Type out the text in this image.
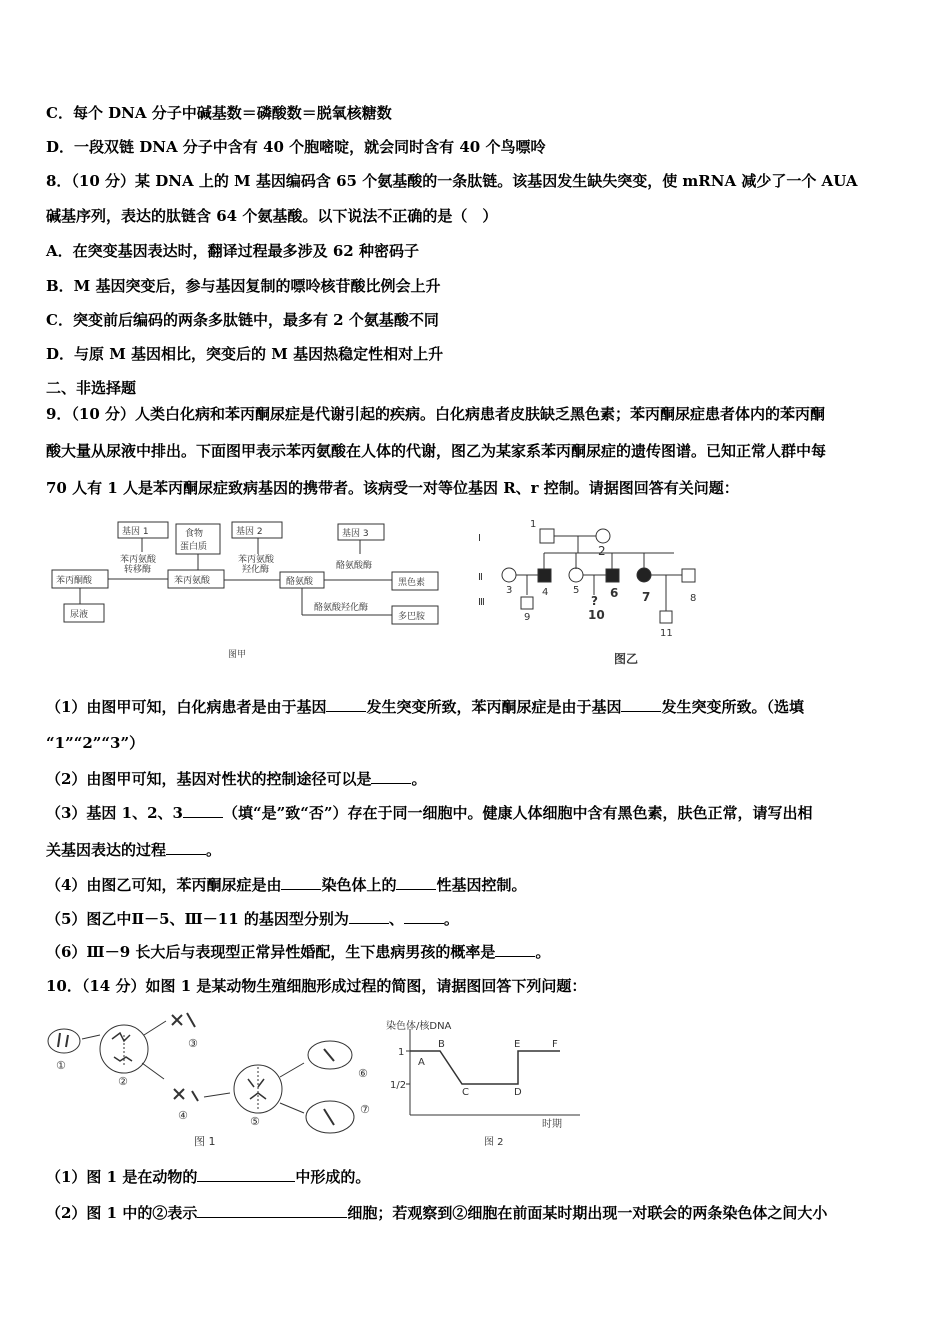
C．每个 DNA 分子中碱基数＝磷酸数＝脱氧核糖数
D．一段双链 DNA 分子中含有 40 个胞嘧啶，就会同时含有 40 个鸟嘌呤
8．（10 分）某 DNA 上的 M 基因编码含 65 个氨基酸的一条肽链。该基因发生缺失突变，使 mRNA 减少了一个 AUA
碱基序列，表达的肽链含 64 个氨基酸。以下说法不正确的是（　）
A．在突变基因表达时，翻译过程最多涉及 62 种密码子
B．M 基因突变后，参与基因复制的嘌呤核苷酸比例会上升
C．突变前后编码的两条多肽链中，最多有 2 个氨基酸不同
D．与原 M 基因相比，突变后的 M 基因热稳定性相对上升
二、非选择题
9．（10 分）人类白化病和苯丙酮尿症是代谢引起的疾病。白化病患者皮肤缺乏黑色素；苯丙酮尿症患者体内的苯丙酮
酸大量从尿液中排出。下面图甲表示苯丙氨酸在人体的代谢，图乙为某家系苯丙酮尿症的遗传图谱。已知正常人群中每
70 人有 1 人是苯丙酮尿症致病基因的携带者。该病受一对等位基因 R、r 控制。请据图回答有关问题：
基因 1	食物
蛋白质
基因 2	基因 3
苯丙氨酸
转移酶
苯丙氨酸
羟化酶	酪氨酸酶
酪氨酸羟化酶
苯丙氨酸	酪氨酸
苯丙酮酸
尿液
黑色素
多巴胺
图甲
Ⅰ
Ⅱ
Ⅲ
1
2
3	4 5	6 7	8
9
?
10
11
图乙
（1）由图甲可知，白化病患者是由于基因	发生突变所致，苯丙酮尿症是由于基因	发生突变所致。（选填
“1”“2”“3”）
（2）由图甲可知，基因对性状的控制途径可以是	。
（3）基因 1、2、3	（填“是”致“否”）存在于同一细胞中。健康人体细胞中含有黑色素，肤色正常，请写出相
关基因表达的过程	。
（4）由图乙可知，苯丙酮尿症是由	染色体上的	性基因控制。
（5）图乙中Ⅱ－5、Ⅲ－11 的基因型分别为	、	。
（6）Ⅲ－9 长大后与表现型正常异性婚配，生下患病男孩的概率是	。
10．（14 分）如图 1 是某动物生殖细胞形成过程的简图，请据图回答下列问题：
①
②
③
④	⑤
⑥
⑦
图 1
染色体/核DNA
时期
1
1/2
A
B
C	D
E	F
图 2
（1）图 1 是在动物的	中形成的。
（2）图 1 中的②表示	细胞；若观察到②细胞在前面某时期出现一对联会的两条染色体之间大小
